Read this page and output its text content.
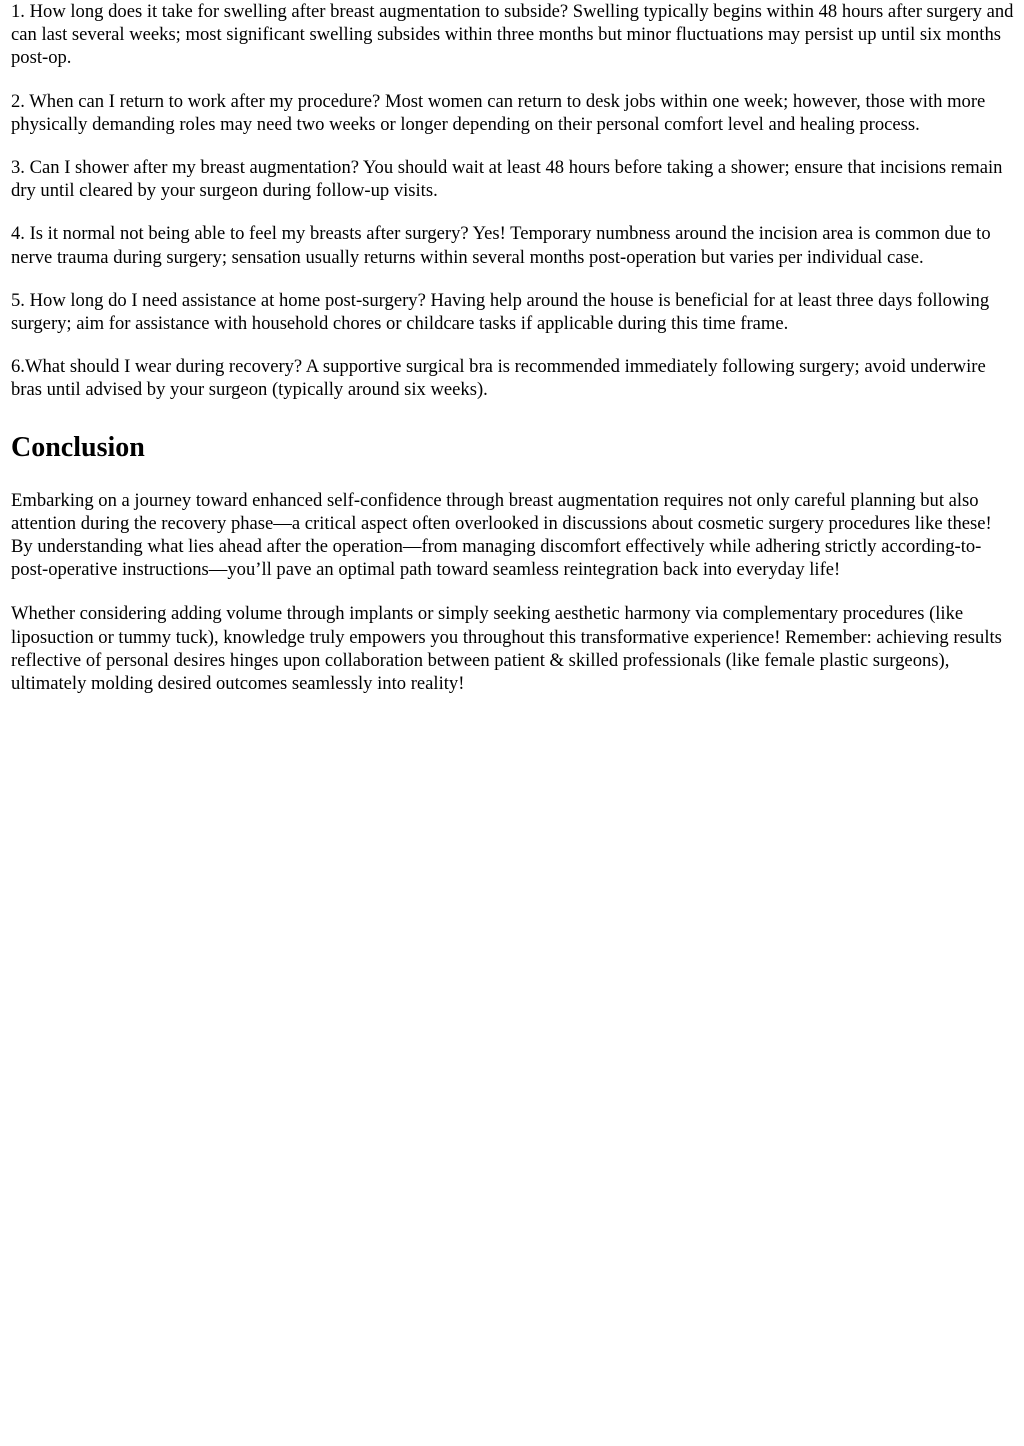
1. How long does it take for swelling after breast augmentation to subside? Swelling typically begins within 48 hours after surgery and can last several weeks; most significant swelling subsides within three months but minor fluctuations may persist up until six months post-op.

2. When can I return to work after my procedure? Most women can return to desk jobs within one week; however, those with more physically demanding roles may need two weeks or longer depending on their personal comfort level and healing process.

3. Can I shower after my breast augmentation? You should wait at least 48 hours before taking a shower; ensure that incisions remain dry until cleared by your surgeon during follow-up visits.

4. Is it normal not being able to feel my breasts after surgery? Yes! Temporary numbness around the incision area is common due to nerve trauma during surgery; sensation usually returns within several months post-operation but varies per individual case.

5. How long do I need assistance at home post-surgery? Having help around the house is beneficial for at least three days following surgery; aim for assistance with household chores or childcare tasks if applicable during this time frame.

6.What should I wear during recovery? A supportive surgical bra is recommended immediately following surgery; avoid underwire bras until advised by your surgeon (typically around six weeks).

Conclusion

Embarking on a journey toward enhanced self-confidence through breast augmentation requires not only careful planning but also attention during the recovery phase—a critical aspect often overlooked in discussions about cosmetic surgery procedures like these! By understanding what lies ahead after the operation—from managing discomfort effectively while adhering strictly according-to-post-operative instructions—you’ll pave an optimal path toward seamless reintegration back into everyday life!

Whether considering adding volume through implants or simply seeking aesthetic harmony via complementary procedures (like liposuction or tummy tuck), knowledge truly empowers you throughout this transformative experience! Remember: achieving results reflective of personal desires hinges upon collaboration between patient & skilled professionals (like female plastic surgeons), ultimately molding desired outcomes seamlessly into reality!
